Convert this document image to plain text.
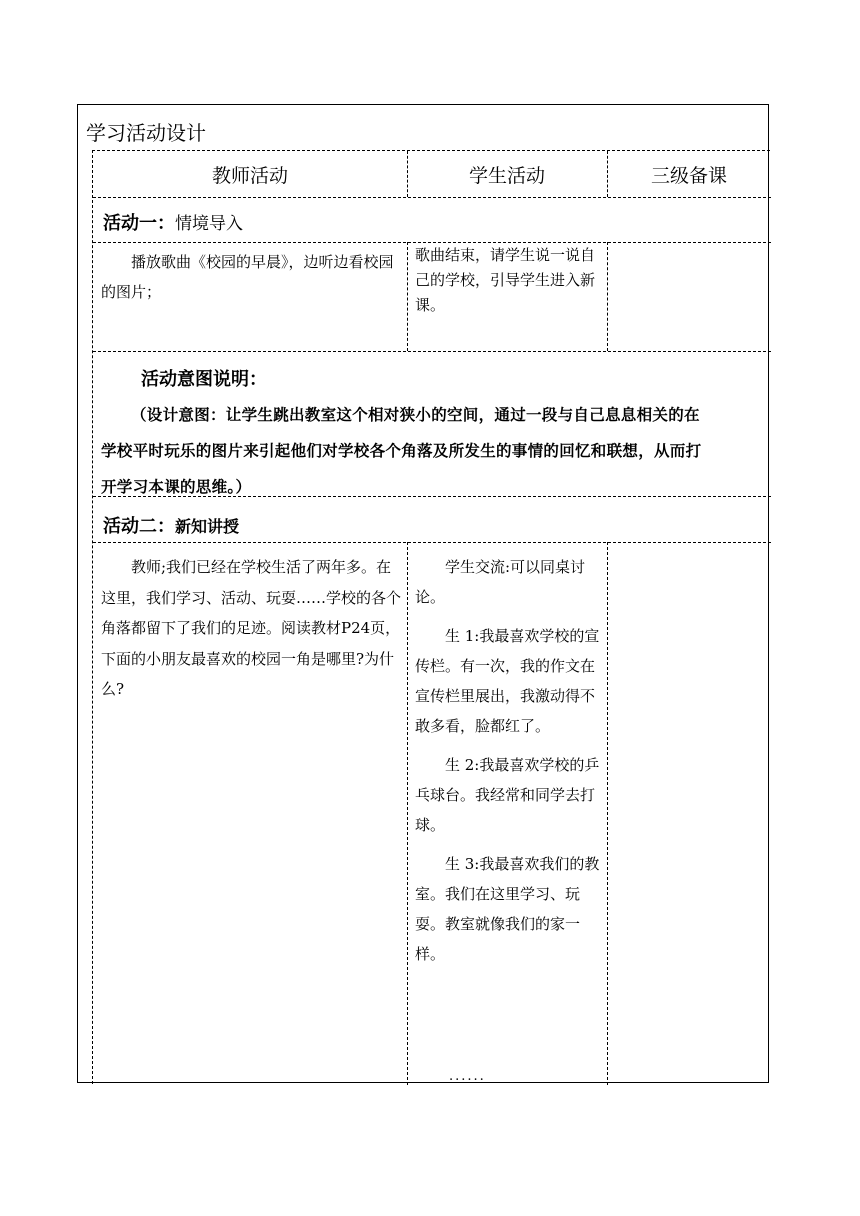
学习活动设计
教师活动	学生活动	三级备课
活动一：情境导入

播放歌曲《校园的早晨》，边听边看校园的图片；

歌曲结束，请学生说一说自己的学校，引导学生进入新课。

活动意图说明：
（设计意图：让学生跳出教室这个相对狭小的空间，通过一段与自己息息相关的在
学校平时玩乐的图片来引起他们对学校各个角落及所发生的事情的回忆和联想，从而打
开学习本课的思维。）
活动二：新知讲授

教师;我们已经在学校生活了两年多。在这里，我们学习、活动、玩耍……学校的各个角落都留下了我们的足迹。阅读教材P24页，下面的小朋友最喜欢的校园一角是哪里?为什么?

学生交流:可以同桌讨论。

生 1:我最喜欢学校的宣传栏。有一次，我的作文在宣传栏里展出，我激动得不敢多看，脸都红了。

生 2:我最喜欢学校的乒乓球台。我经常和同学去打球。

生 3:我最喜欢我们的教室。我们在这里学习、玩耍。教室就像我们的家一样。

......
